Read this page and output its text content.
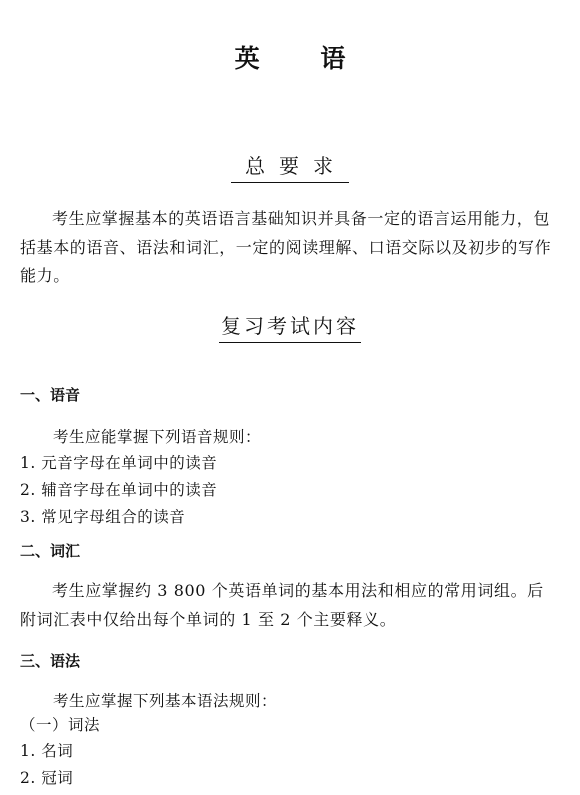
英 语
总要求

考生应掌握基本的英语语言基础知识并具备一定的语言运用能力，包括基本的语音、语法和词汇，一定的阅读理解、口语交际以及初步的写作能力。

复习考试内容
一、语音
考生应能掌握下列语音规则：
1. 元音字母在单词中的读音
2. 辅音字母在单词中的读音
3. 常见字母组合的读音
二、词汇

考生应掌握约 3 800 个英语单词的基本用法和相应的常用词组。后附词汇表中仅给出每个单词的 1 至 2 个主要释义。

三、语法
考生应掌握下列基本语法规则：
（一）词法
1. 名词
2. 冠词
